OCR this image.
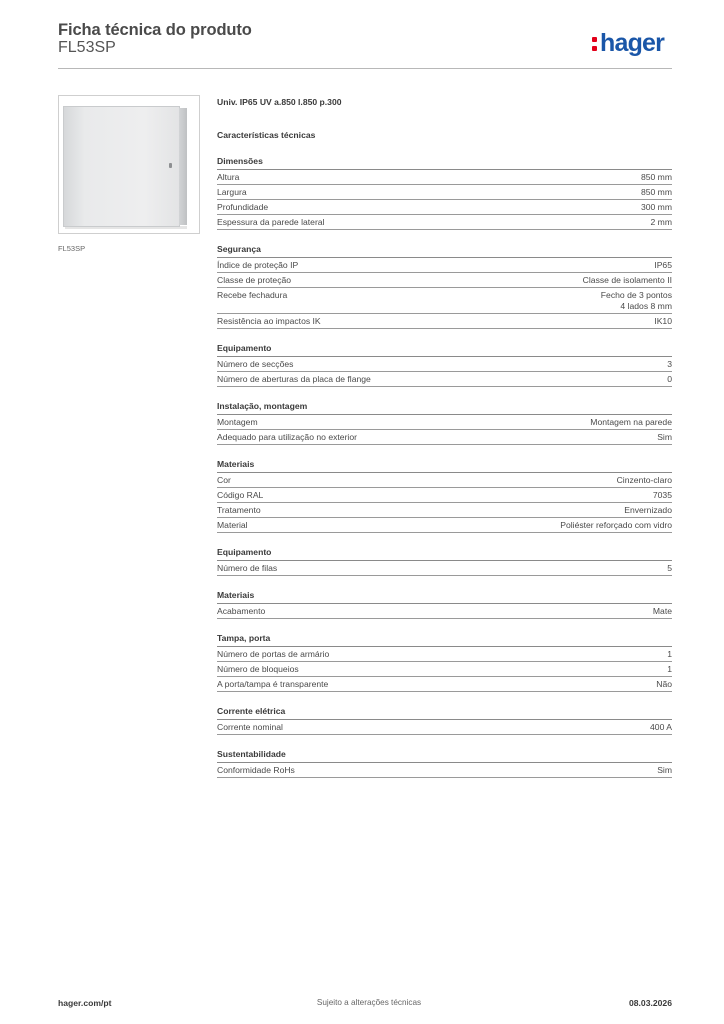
Ficha técnica do produto
FL53SP	hager
FL53SP
Univ. IP65 UV a.850 l.850 p.300
Características técnicas
Dimensões
Altura	850 mm
Largura	850 mm
Profundidade	300 mm
Espessura da parede lateral	2 mm
Segurança
Índice de proteção IP	IP65
Classe de proteção	Classe de isolamento II
Recebe fechadura	Fecho de 3 pontos
4 lados 8 mm
Resistência ao impactos IK	IK10
Equipamento
Número de secções	3
Número de aberturas da placa de flange	0
Instalação, montagem
Montagem	Montagem na parede
Adequado para utilização no exterior	Sim
Materiais
Cor	Cinzento-claro
Código RAL	7035
Tratamento	Envernizado
Material	Poliéster reforçado com vidro
Equipamento
Número de filas	5
Materiais
Acabamento	Mate
Tampa, porta
Número de portas de armário	1
Número de bloqueios	1
A porta/tampa é transparente	Não
Corrente elétrica
Corrente nominal	400 A
Sustentabilidade
Conformidade RoHs	Sim
hager.com/pt	Sujeito a alterações técnicas	08.03.2026
